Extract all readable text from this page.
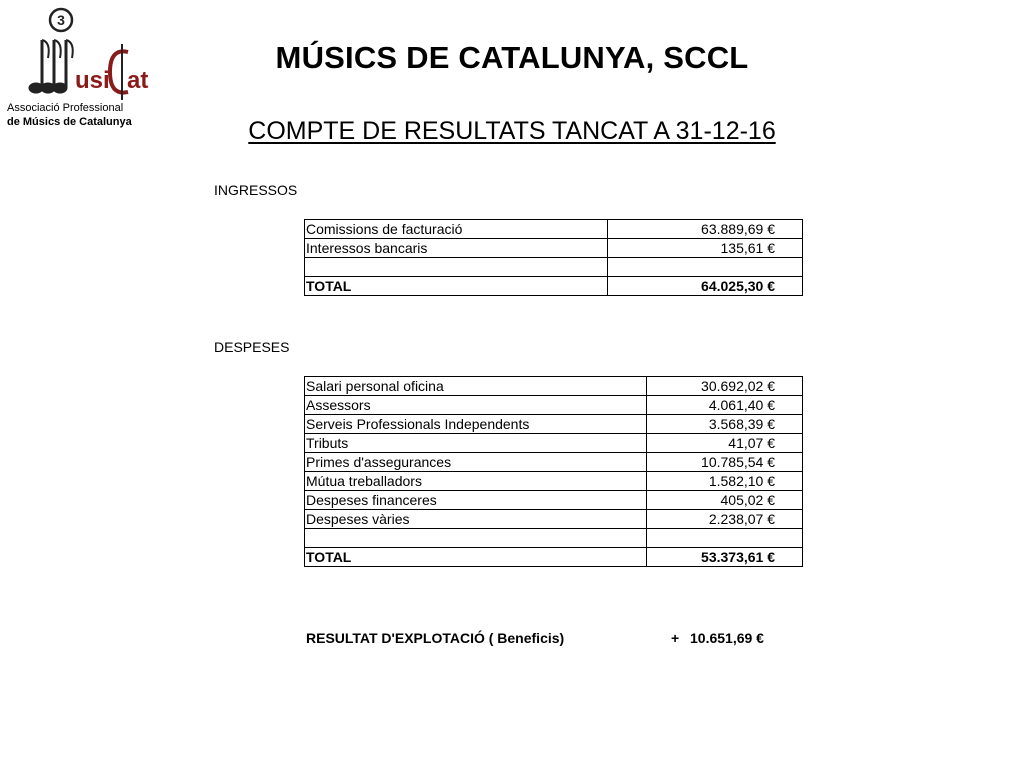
3
usi at
Associació Professional
de Músics de Catalunya
MÚSICS DE CATALUNYA, SCCL
COMPTE DE RESULTATS TANCAT A 31-12-16
INGRESSOS
Comissions de facturació	63.889,69 €
Interessos bancaris	135,61 €

TOTAL	64.025,30 €
DESPESES
Salari personal oficina	30.692,02 €
Assessors	4.061,40 €
Serveis Professionals Independents	3.568,39 €
Tributs	41,07 €
Primes d'assegurances	10.785,54 €
Mútua treballadors	1.582,10 €
Despeses financeres	405,02 €
Despeses vàries	2.238,07 €

TOTAL	53.373,61 €
RESULTAT D'EXPLOTACIÓ ( Beneficis)	+ 10.651,69 €
